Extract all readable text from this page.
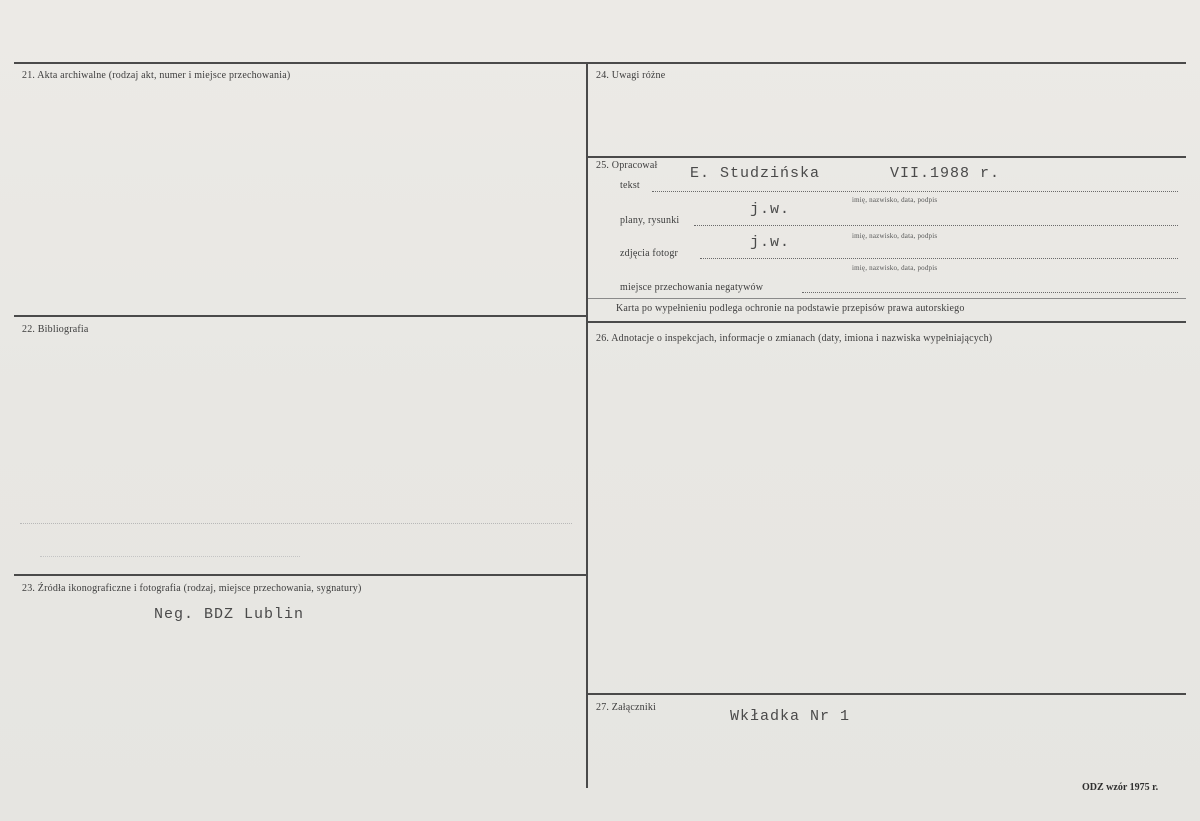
21. Akta archiwalne (rodzaj akt, numer i miejsce przechowania)
22. Bibliografia
23. Źródła ikonograficzne i fotografia (rodzaj, miejsce przechowania, sygnatury)
Neg. BDZ Lublin
24. Uwagi różne
25. Opracował
tekst
E. Studzińska	VII.1988 r.
imię, nazwisko, data, podpis
plany, rysunki
j.w.
imię, nazwisko, data, podpis
zdjęcia fotogr
j.w.
imię, nazwisko, data, podpis
miejsce przechowania negatywów
Karta po wypełnieniu podlega ochronie na podstawie przepisów prawa autorskiego
26. Adnotacje o inspekcjach, informacje o zmianach (daty, imiona i nazwiska wypełniających)
27. Załączniki
Wkładka Nr 1
ODZ wzór 1975 r.
